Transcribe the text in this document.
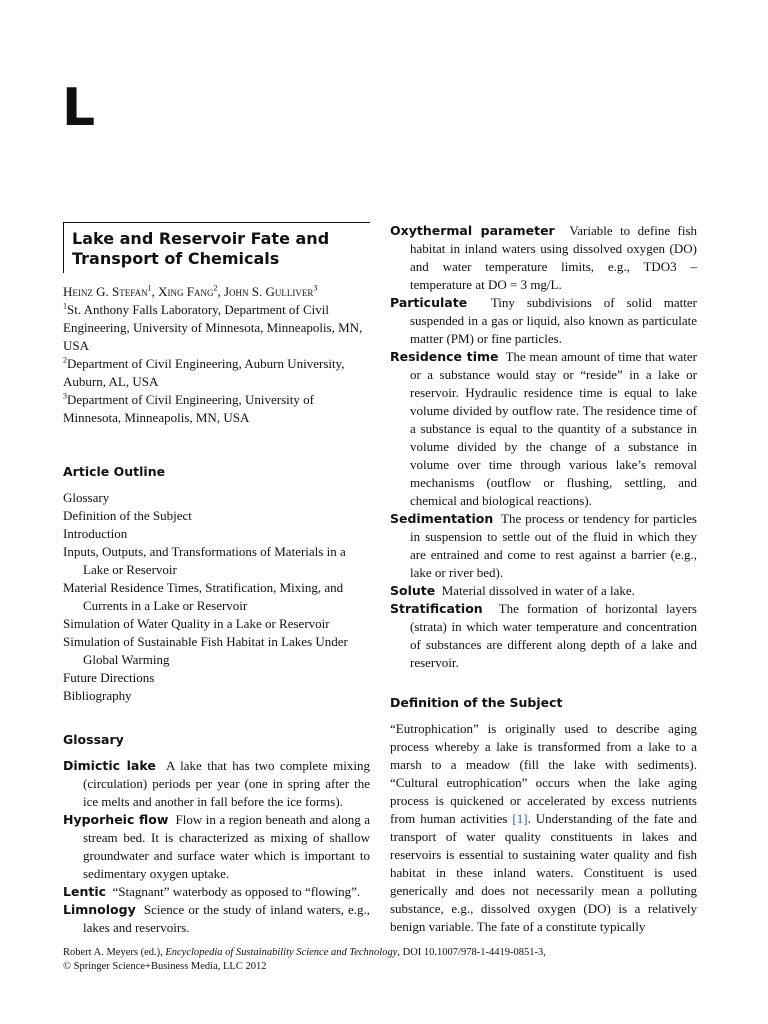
L
Lake and Reservoir Fate and
Transport of Chemicals
Heinz G. Stefan$^1$, Xing Fang$^2$, John S. Gulliver$^3$
$^1$St. Anthony Falls Laboratory, Department of Civil Engineering, University of Minnesota, Minneapolis, MN, USA
$^2$Department of Civil Engineering, Auburn University, Auburn, AL, USA
$^3$Department of Civil Engineering, University of Minnesota, Minneapolis, MN, USA
Article Outline
Glossary
Definition of the Subject
Introduction
Inputs, Outputs, and Transformations of Materials in a Lake or Reservoir
Material Residence Times, Stratification, Mixing, and Currents in a Lake or Reservoir
Simulation of Water Quality in a Lake or Reservoir
Simulation of Sustainable Fish Habitat in Lakes Under Global Warming
Future Directions
Bibliography
Glossary
Dimictic lake A lake that has two complete mixing (circulation) periods per year (one in spring after the ice melts and another in fall before the ice forms).
Hyporheic flow Flow in a region beneath and along a stream bed. It is characterized as mixing of shallow groundwater and surface water which is important to sedimentary oxygen uptake.
Lentic “Stagnant” waterbody as opposed to “flowing”.
Limnology Science or the study of inland waters, e.g., lakes and reservoirs.
Oxythermal parameter Variable to define fish habitat in inland waters using dissolved oxygen (DO) and water temperature limits, e.g., TDO3 – temperature at DO = 3 mg/L.
Particulate Tiny subdivisions of solid matter suspended in a gas or liquid, also known as particulate matter (PM) or fine particles.
Residence time The mean amount of time that water or a substance would stay or “reside” in a lake or reservoir. Hydraulic residence time is equal to lake volume divided by outflow rate. The residence time of a substance is equal to the quantity of a substance in volume divided by the change of a substance in volume over time through various lake’s removal mechanisms (outflow or flushing, settling, and chemical and biological reactions).
Sedimentation The process or tendency for particles in suspension to settle out of the fluid in which they are entrained and come to rest against a barrier (e.g., lake or river bed).
Solute Material dissolved in water of a lake.
Stratification The formation of horizontal layers (strata) in which water temperature and concentration of substances are different along depth of a lake and reservoir.
Definition of the Subject
“Eutrophication” is originally used to describe aging process whereby a lake is transformed from a lake to a marsh to a meadow (fill the lake with sediments). “Cultural eutrophication” occurs when the lake aging process is quickened or accelerated by excess nutrients from human activities [1]. Understanding of the fate and transport of water quality constituents in lakes and reservoirs is essential to sustaining water quality and fish habitat in these inland waters. Constituent is used generically and does not necessarily mean a polluting substance, e.g., dissolved oxygen (DO) is a relatively benign variable. The fate of a constitute typically
Robert A. Meyers (ed.), Encyclopedia of Sustainability Science and Technology, DOI 10.1007/978-1-4419-0851-3,
© Springer Science+Business Media, LLC 2012
